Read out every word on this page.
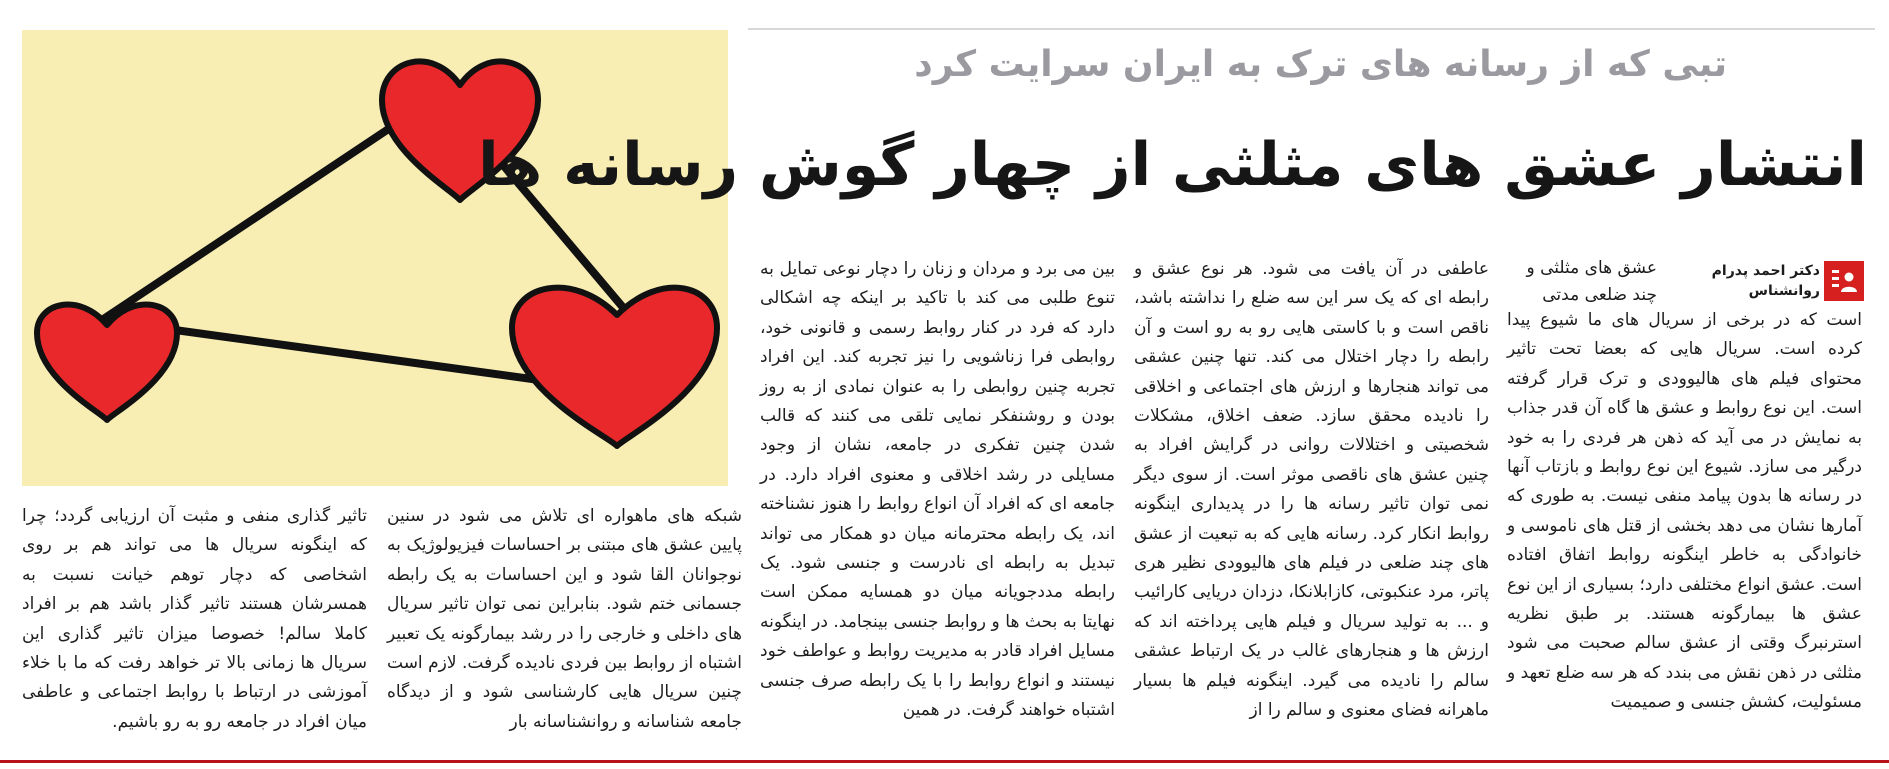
تبی که از رسانه های ترک به ایران سرایت کرد
انتشار عشق های مثلثی از چهار گوش رسانه ها
دکتر احمد پدرام
روانشناس
عشق های مثلثی و چند ضلعی مدتی

است که در برخی از سریال های ما شیوع پیدا کرده است. سریال هایی که بعضا تحت تاثیر محتوای فیلم های هالیوودی و ترک قرار گرفته است. این نوع روابط و عشق ها گاه آن قدر جذاب به نمایش در می آید که ذهن هر فردی را به خود درگیر می سازد. شیوع این نوع روابط و بازتاب آنها در رسانه ها بدون پیامد منفی نیست. به طوری که آمارها نشان می دهد بخشی از قتل های ناموسی و خانوادگی به خاطر اینگونه روابط اتفاق افتاده است. عشق انواع مختلفی دارد؛ بسیاری از این نوع عشق ها بیمارگونه هستند. بر طبق نظریه استرنبرگ وقتی از عشق سالم صحبت می شود مثلثی در ذهن نقش می بندد که هر سه ضلع تعهد و مسئولیت، کشش جنسی و صمیمیت

عاطفی در آن یافت می شود. هر نوع عشق و رابطه ای که یک سر این سه ضلع را نداشته باشد، ناقص است و با کاستی هایی رو به رو است و آن رابطه را دچار اختلال می کند. تنها چنین عشقی می تواند هنجارها و ارزش های اجتماعی و اخلاقی را نادیده محقق سازد. ضعف اخلاق، مشکلات شخصیتی و اختلالات روانی در گرایش افراد به چنین عشق های ناقصی موثر است. از سوی دیگر نمی توان تاثیر رسانه ها را در پدیداری اینگونه روابط انکار کرد. رسانه هایی که به تبعیت از عشق های چند ضلعی در فیلم های هالیوودی نظیر هری پاتر، مرد عنکبوتی، کازابلانکا، دزدان دریایی کارائیب و ... به تولید سریال و فیلم هایی پرداخته اند که ارزش ها و هنجارهای غالب در یک ارتباط عشقی سالم را نادیده می گیرد. اینگونه فیلم ها بسیار ماهرانه فضای معنوی و سالم را از

بین می برد و مردان و زنان را دچار نوعی تمایل به تنوع طلبی می کند با تاکید بر اینکه چه اشکالی دارد که فرد در کنار روابط رسمی و قانونی خود، روابطی فرا زناشویی را نیز تجربه کند. این افراد تجربه چنین روابطی را به عنوان نمادی از به روز بودن و روشنفکر نمایی تلقی می کنند که قالب شدن چنین تفکری در جامعه، نشان از وجود مسایلی در رشد اخلاقی و معنوی افراد دارد. در جامعه ای که افراد آن انواع روابط را هنوز نشناخته اند، یک رابطه محترمانه میان دو همکار می تواند تبدیل به رابطه ای نادرست و جنسی شود. یک رابطه مددجویانه میان دو همسایه ممکن است نهایتا به بحث ها و روابط جنسی بینجامد. در اینگونه مسایل افراد قادر به مدیریت روابط و عواطف خود نیستند و انواع روابط را با یک رابطه صرف جنسی اشتباه خواهند گرفت. در همین

شبکه های ماهواره ای تلاش می شود در سنین پایین عشق های مبتنی بر احساسات فیزیولوژیک به نوجوانان القا شود و این احساسات به یک رابطه جسمانی ختم شود. بنابراین نمی توان تاثیر سریال های داخلی و خارجی را در رشد بیمارگونه یک تعبیر اشتباه از روابط بین فردی نادیده گرفت. لازم است چنین سریال هایی کارشناسی شود و از دیدگاه جامعه شناسانه و روانشناسانه بار

تاثیر گذاری منفی و مثبت آن ارزیابی گردد؛ چرا که اینگونه سریال ها می تواند هم بر روی اشخاصی که دچار توهم خیانت نسبت به همسرشان هستند تاثیر گذار باشد هم بر افراد کاملا سالم! خصوصا میزان تاثیر گذاری این سریال ها زمانی بالا تر خواهد رفت که ما با خلاء آموزشی در ارتباط با روابط اجتماعی و عاطفی میان افراد در جامعه رو به رو باشیم.
